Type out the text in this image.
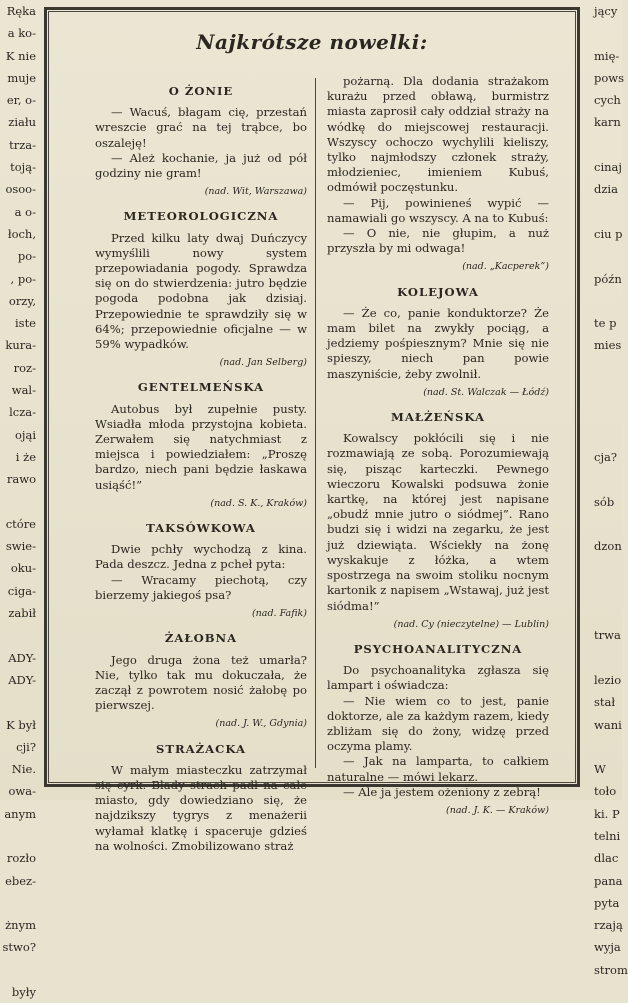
Ręka
a ko-
K nie
muje
er, o-
ziału
trza-
toją-
osoo-
a o-
łoch,
po-
, po-
orzy,
iste
kura-
roz-
wal-
lcza-
ojąi
i że
rawo

ctóre
swie-
oku-
ciga-
zabił

ADY-
ADY-

K był
cji?
Nie.
owa-
anym

rozło
ebez-

żnym
stwo?

były
jący

mię-
pows
cych
karn

cinaj
dzia

ciu p

późn

te p
mies

cja?

sób

dzon

trwa

lezio
stał
wani

W
toło
ki. P
telni
dlac
pana
pyta
rzają
wyja
strom
Najkrótsze nowelki:
O ŻONIE

— Wacuś, błagam cię, przestań wreszcie grać na tej trąbce, bo oszaleję!

— Ależ kochanie, ja już od pół godziny nie gram!

(nad. Wit, Warszawa)

METEOROLOGICZNA

Przed kilku laty dwaj Duńczycy wymyślili nowy system przepowiadania pogody. Sprawdza się on do stwierdzenia: jutro będzie pogoda podobna jak dzisiaj. Przepowiednie te sprawdziły się w 64%; przepowiednie oficjalne — w 59% wypadków.

(nad. Jan Selberg)

GENTELMEŃSKA

Autobus był zupełnie pusty. Wsiadła młoda przystojna kobieta. Zerwałem się natychmiast z miejsca i powiedziałem: „Proszę bardzo, niech pani będzie łaskawa usiąść!”

(nad. S. K., Kraków)

TAKSÓWKOWA

Dwie pchły wychodzą z kina. Pada deszcz. Jedna z pcheł pyta:

— Wracamy piechotą, czy bierzemy jakiegoś psa?

(nad. Fafik)

ŻAŁOBNA

Jego druga żona też umarła? Nie, tylko tak mu dokuczała, że zaczął z powrotem nosić żałobę po pierwszej.

(nad. J. W., Gdynia)

STRAŻACKA

W małym miasteczku zatrzymał się cyrk. Blady strach padł na całe miasto, gdy dowiedziano się, że najdzikszy tygrys z menażerii wyłamał klatkę i spaceruje gdzieś na wolności. Zmobilizowano straż

pożarną. Dla dodania strażakom kurażu przed obławą, burmistrz miasta zaprosił cały oddział straży na wódkę do miejscowej restauracji. Wszyscy ochoczo wychylili kieliszy, tylko najmłodszy członek straży, młodzieniec, imieniem Kubuś, odmówił poczęstunku.

— Pij, powinieneś wypić — namawiali go wszyscy. A na to Kubuś:

— O nie, nie głupim, a nuż przyszła by mi odwaga!

(nad. „Kacperek”)

KOLEJOWA

— Że co, panie konduktorze? Że mam bilet na zwykły pociąg, a jedziemy pośpiesznym? Mnie się nie spieszy, niech pan powie maszyniście, żeby zwolnił.

(nad. St. Walczak — Łódź)

MAŁŻEŃSKA

Kowalscy pokłócili się i nie rozmawiają ze sobą. Porozumiewają się, pisząc karteczki. Pewnego wieczoru Kowalski podsuwa żonie kartkę, na której jest napisane „obudź mnie jutro o siódmej”. Rano budzi się i widzi na zegarku, że jest już dziewiąta. Wściekły na żonę wyskakuje z łóżka, a wtem spostrzega na swoim stoliku nocnym kartonik z napisem „Wstawaj, już jest siódma!”

(nad. Cy (nieczytelne) — Lublin)

PSYCHOANALITYCZNA

Do psychoanalityka zgłasza się lampart i oświadcza:

— Nie wiem co to jest, panie doktorze, ale za każdym razem, kiedy zbliżam się do żony, widzę przed oczyma plamy.

— Jak na lamparta, to całkiem naturalne — mówi lekarz.

— Ale ja jestem ożeniony z zebrą!

(nad. J. K. — Kraków)
